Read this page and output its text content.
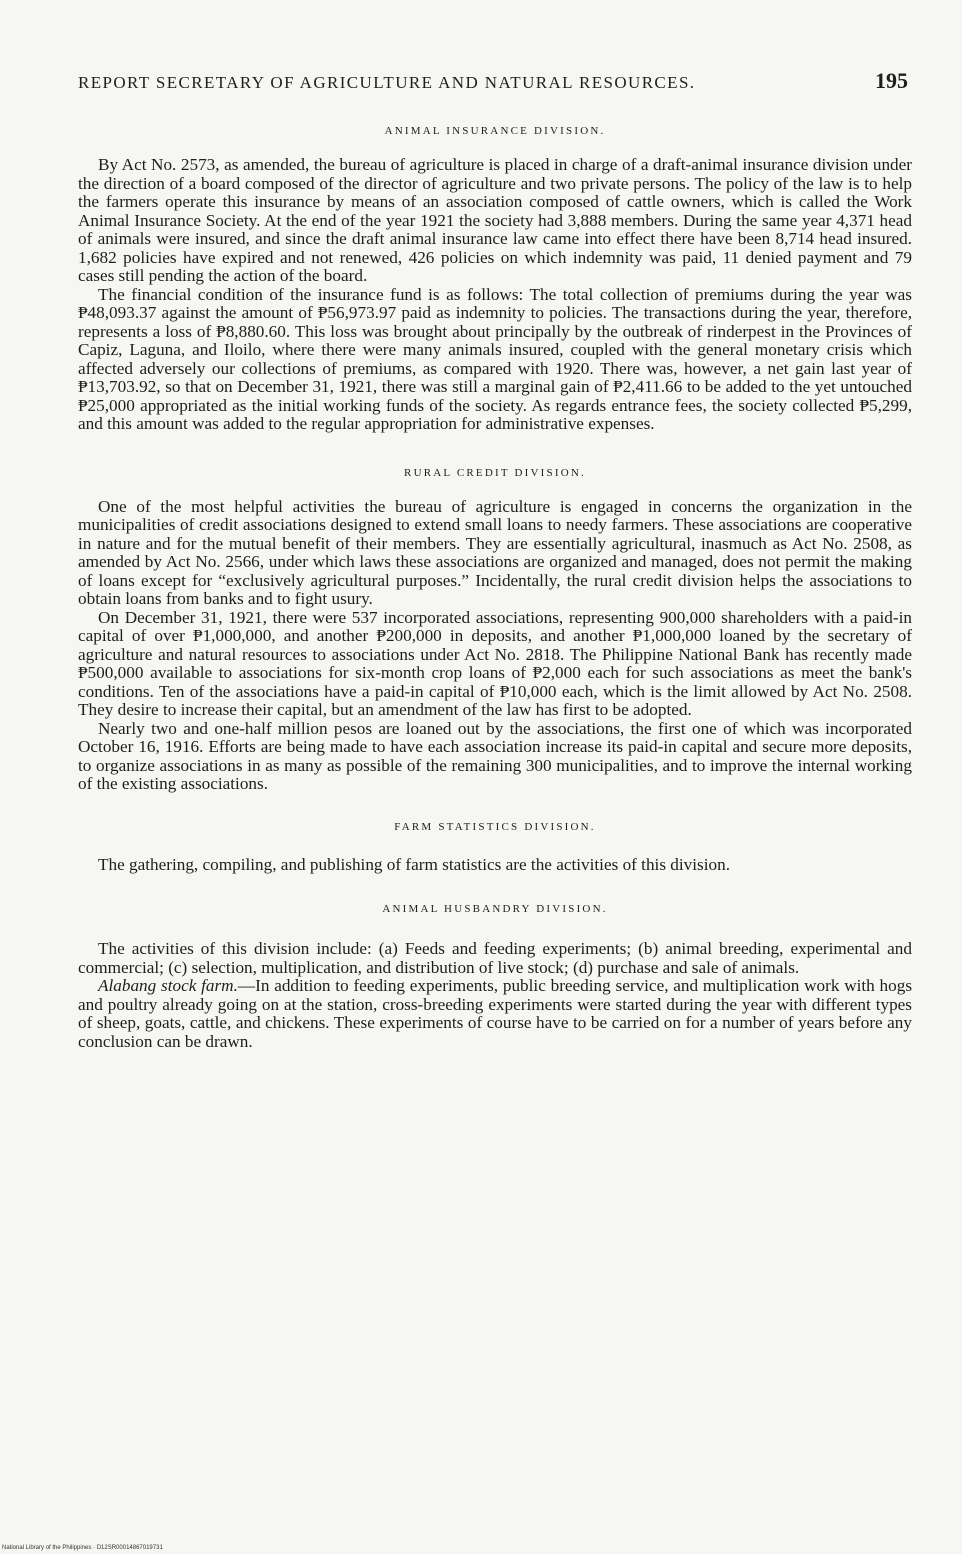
REPORT SECRETARY OF AGRICULTURE AND NATURAL RESOURCES.	195
ANIMAL INSURANCE DIVISION.

By Act No. 2573, as amended, the bureau of agriculture is placed in charge of a draft-animal insurance division under the direction of a board composed of the director of agriculture and two private persons. The policy of the law is to help the farmers operate this insurance by means of an association composed of cattle owners, which is called the Work Animal Insurance Society. At the end of the year 1921 the society had 3,888 members. During the same year 4,371 head of animals were insured, and since the draft animal insurance law came into effect there have been 8,714 head insured. 1,682 policies have expired and not renewed, 426 policies on which indemnity was paid, 11 denied payment and 79 cases still pending the action of the board.

The financial condition of the insurance fund is as follows: The total collection of premiums during the year was ₱48,093.37 against the amount of ₱56,973.97 paid as indemnity to policies. The transactions during the year, therefore, represents a loss of ₱8,880.60. This loss was brought about principally by the outbreak of rinderpest in the Provinces of Capiz, Laguna, and Iloilo, where there were many animals insured, coupled with the general monetary crisis which affected adversely our collections of premiums, as compared with 1920. There was, however, a net gain last year of ₱13,703.92, so that on December 31, 1921, there was still a marginal gain of ₱2,411.66 to be added to the yet untouched ₱25,000 appropriated as the initial working funds of the society. As regards entrance fees, the society collected ₱5,299, and this amount was added to the regular appropriation for administrative expenses.

RURAL CREDIT DIVISION.

One of the most helpful activities the bureau of agriculture is engaged in concerns the organization in the municipalities of credit associations designed to extend small loans to needy farmers. These associations are cooperative in nature and for the mutual benefit of their members. They are essentially agricultural, inasmuch as Act No. 2508, as amended by Act No. 2566, under which laws these associations are organized and managed, does not permit the making of loans except for “exclusively agricultural purposes.” Incidentally, the rural credit division helps the associations to obtain loans from banks and to fight usury.

On December 31, 1921, there were 537 incorporated associations, representing 900,000 shareholders with a paid-in capital of over ₱1,000,000, and another ₱200,000 in deposits, and another ₱1,000,000 loaned by the secretary of agriculture and natural resources to associations under Act No. 2818. The Philippine National Bank has recently made ₱500,000 available to associations for six-month crop loans of ₱2,000 each for such associations as meet the bank's conditions. Ten of the associations have a paid-in capital of ₱10,000 each, which is the limit allowed by Act No. 2508. They desire to increase their capital, but an amendment of the law has first to be adopted.

Nearly two and one-half million pesos are loaned out by the associations, the first one of which was incorporated October 16, 1916. Efforts are being made to have each association increase its paid-in capital and secure more deposits, to organize associations in as many as possible of the remaining 300 municipalities, and to improve the internal working of the existing associations.

FARM STATISTICS DIVISION.

The gathering, compiling, and publishing of farm statistics are the activities of this division.

ANIMAL HUSBANDRY DIVISION.

The activities of this division include: (a) Feeds and feeding experiments; (b) animal breeding, experimental and commercial; (c) selection, multiplication, and distribution of live stock; (d) purchase and sale of animals.

Alabang stock farm.—In addition to feeding experiments, public breeding service, and multiplication work with hogs and poultry already going on at the station, cross-breeding experiments were started during the year with different types of sheep, goats, cattle, and chickens. These experiments of course have to be carried on for a number of years before any conclusion can be drawn.

National Library of the Philippines · D12SR00014867019731
